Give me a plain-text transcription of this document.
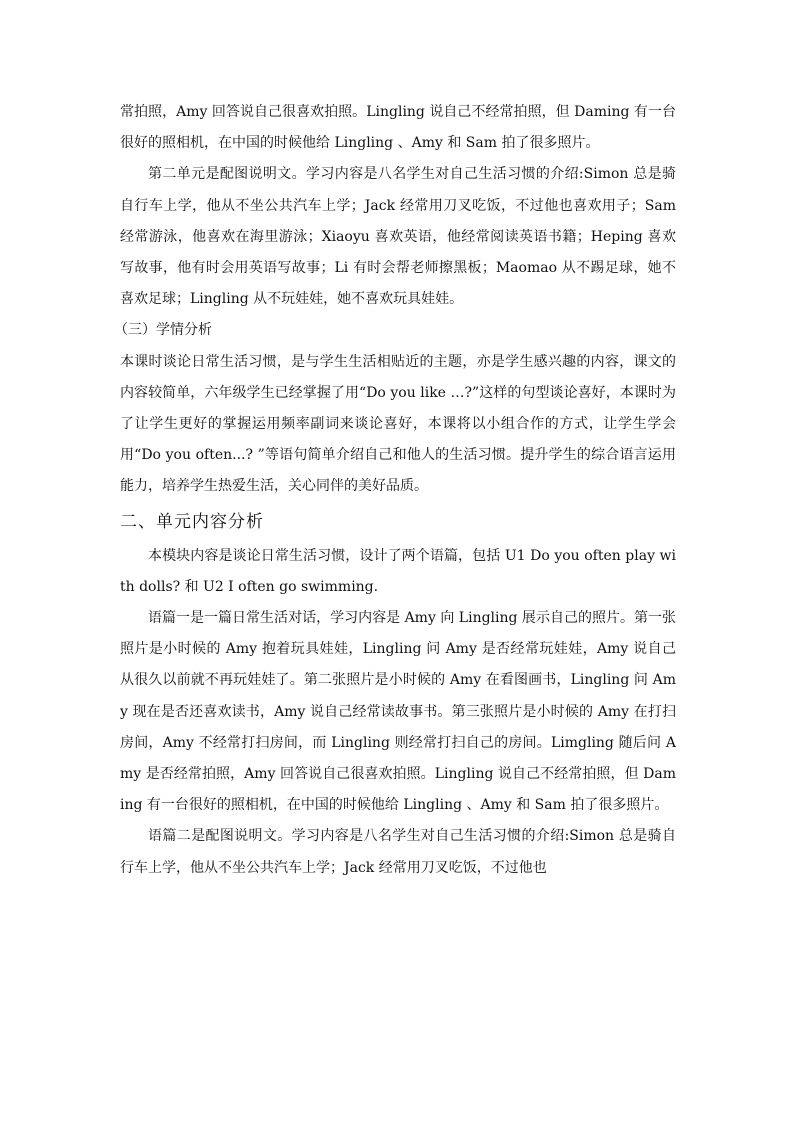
常拍照，Amy 回答说自己很喜欢拍照。Lingling 说自己不经常拍照，但 Daming 有一台很好的照相机，在中国的时候他给 Lingling 、Amy 和 Sam 拍了很多照片。

第二单元是配图说明文。学习内容是八名学生对自己生活习惯的介绍:Simon 总是骑自行车上学，他从不坐公共汽车上学；Jack 经常用刀叉吃饭，不过他也喜欢用子；Sam 经常游泳，他喜欢在海里游泳；Xiaoyu 喜欢英语，他经常阅读英语书籍；Heping 喜欢写故事，他有时会用英语写故事；Li 有时会帮老师擦黑板；Maomao 从不踢足球，她不喜欢足球；Lingling 从不玩娃娃，她不喜欢玩具娃娃。

（三）学情分析

本课时谈论日常生活习惯，是与学生生活相贴近的主题，亦是学生感兴趣的内容，课文的内容较简单，六年级学生已经掌握了用“Do you like …?”这样的句型谈论喜好，本课时为了让学生更好的掌握运用频率副词来谈论喜好，本课将以小组合作的方式，让学生学会用“Do you often...? ”等语句简单介绍自己和他人的生活习惯。提升学生的综合语言运用能力，培养学生热爱生活，关心同伴的美好品质。

二、单元内容分析

本模块内容是谈论日常生活习惯，设计了两个语篇，包括 U1 Do you often play with dolls? 和 U2 I often go swimming.

语篇一是一篇日常生活对话，学习内容是 Amy 向 Lingling 展示自己的照片。第一张照片是小时候的 Amy 抱着玩具娃娃，Lingling 问 Amy 是否经常玩娃娃，Amy 说自己从很久以前就不再玩娃娃了。第二张照片是小时候的 Amy 在看图画书，Lingling 问 Amy 现在是否还喜欢读书，Amy 说自己经常读故事书。第三张照片是小时候的 Amy 在打扫房间，Amy 不经常打扫房间，而 Lingling 则经常打扫自己的房间。Limgling 随后问 Amy 是否经常拍照，Amy 回答说自己很喜欢拍照。Lingling 说自己不经常拍照，但 Daming 有一台很好的照相机，在中国的时候他给 Lingling 、Amy 和 Sam 拍了很多照片。

语篇二是配图说明文。学习内容是八名学生对自己生活习惯的介绍:Simon 总是骑自行车上学，他从不坐公共汽车上学；Jack 经常用刀叉吃饭，不过他也
